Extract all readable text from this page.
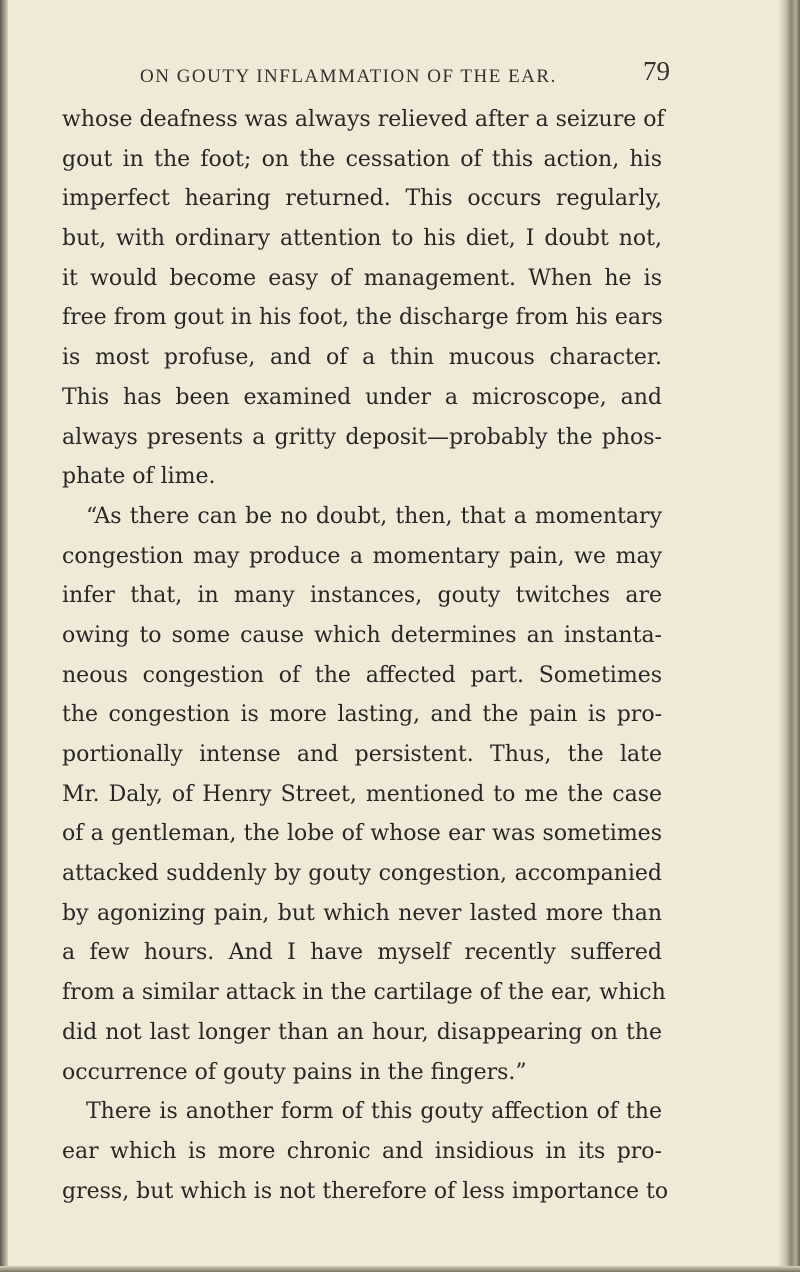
ON GOUTY INFLAMMATION OF THE EAR.	79
whose deafness was always relieved after a seizure of
gout in the foot; on the cessation of this action, his
imperfect hearing returned. This occurs regularly,
but, with ordinary attention to his diet, I doubt not,
it would become easy of management. When he is
free from gout in his foot, the discharge from his ears
is most profuse, and of a thin mucous character.
This has been examined under a microscope, and
always presents a gritty deposit—probably the phos-
phate of lime.
“As there can be no doubt, then, that a momentary
congestion may produce a momentary pain, we may
infer that, in many instances, gouty twitches are
owing to some cause which determines an instanta-
neous congestion of the affected part. Sometimes
the congestion is more lasting, and the pain is pro-
portionally intense and persistent. Thus, the late
Mr. Daly, of Henry Street, mentioned to me the case
of a gentleman, the lobe of whose ear was sometimes
attacked suddenly by gouty congestion, accompanied
by agonizing pain, but which never lasted more than
a few hours. And I have myself recently suffered
from a similar attack in the cartilage of the ear, which
did not last longer than an hour, disappearing on the
occurrence of gouty pains in the fingers.”
There is another form of this gouty affection of the
ear which is more chronic and insidious in its pro-
gress, but which is not therefore of less importance to
